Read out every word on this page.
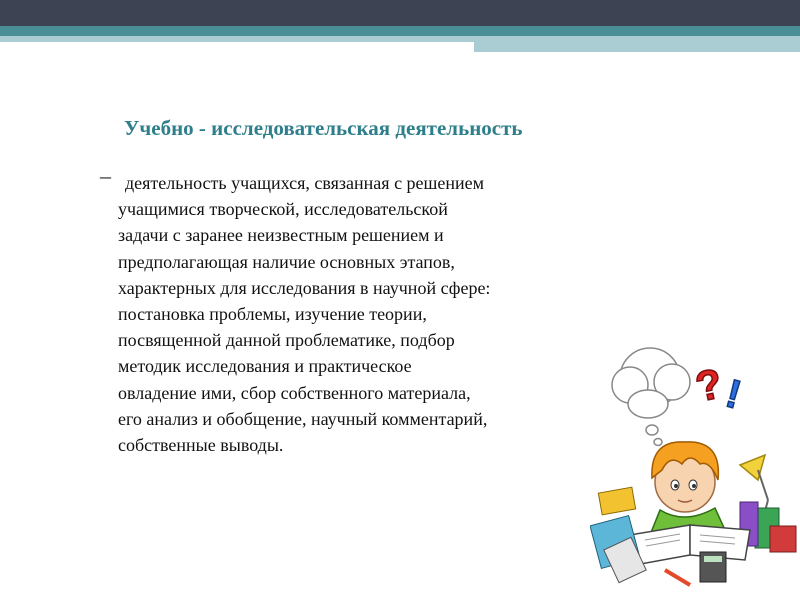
Учебно - исследовательская деятельность
– деятельность учащихся, связанная с решением
учащимися творческой, исследовательской
задачи с заранее неизвестным решением и
предполагающая наличие основных этапов,
характерных для исследования в научной сфере:
постановка проблемы, изучение теории,
посвященной данной проблематике, подбор
методик исследования и практическое
овладение ими, сбор собственного материала,
его анализ и обобщение, научный комментарий,
собственные выводы.
?
!
